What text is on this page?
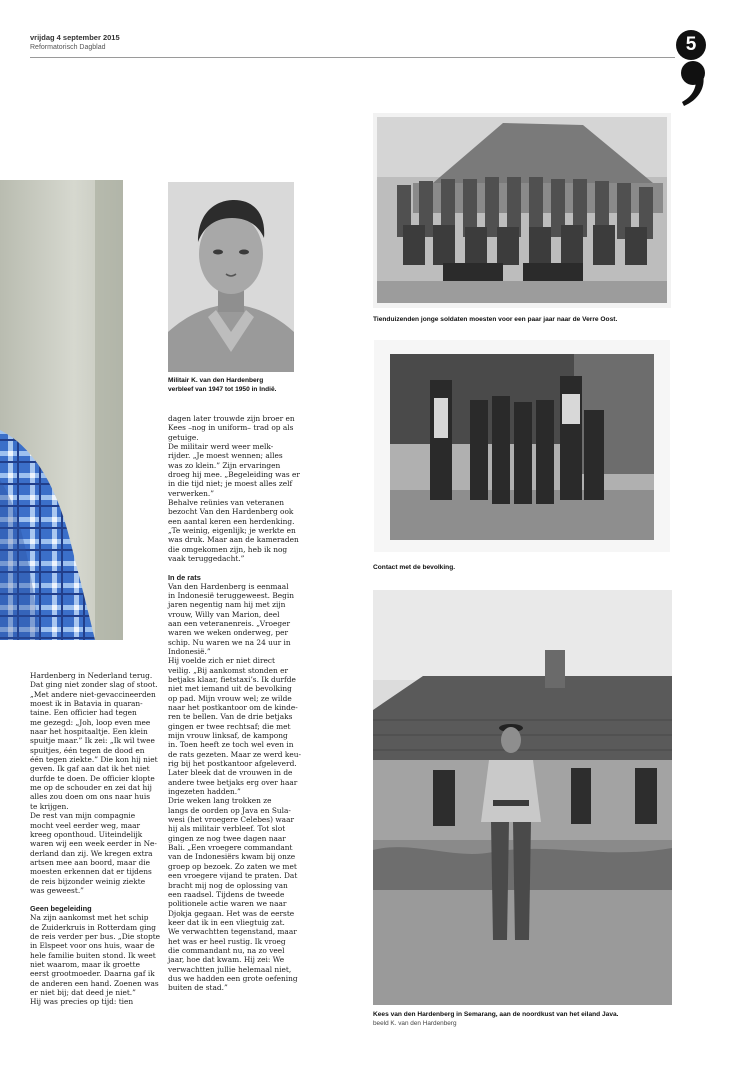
vrijdag 4 september 2015
Reformatorisch Dagblad	5
Militair K. van den Hardenberg
verbleef van 1947 tot 1950 in Indië.
Tienduizenden jonge soldaten moesten voor een paar jaar naar de Verre Oost.
Contact met de bevolking.
Kees van den Hardenberg in Semarang, aan de noordkust van het eiland Java.
beeld K. van den Hardenberg

Hardenberg in Nederland terug.

Dat ging niet zonder slag of stoot.

„Met andere niet-gevaccineerden

moest ik in Batavia in quaran-

taine. Een officier had tegen

me gezegd: „Joh, loop even mee

naar het hospitaaltje. Een klein

spuitje maar.” Ik zei: „Ik wil twee

spuitjes, één tegen de dood en

één tegen ziekte.” Die kon hij niet

geven. Ik gaf aan dat ik het niet

durfde te doen. De officier klopte

me op de schouder en zei dat hij

alles zou doen om ons naar huis

te krijgen.

De rest van mijn compagnie

mocht veel eerder weg, maar

kreeg oponthoud. Uiteindelijk

waren wij een week eerder in Ne-

derland dan zij. We kregen extra

artsen mee aan boord, maar die

moesten erkennen dat er tijdens

de reis bijzonder weinig ziekte

was geweest.”

Geen begeleiding

Na zijn aankomst met het schip

de Zuiderkruis in Rotterdam ging

de reis verder per bus. „Die stopte

in Elspeet voor ons huis, waar de

hele familie buiten stond. Ik weet

niet waarom, maar ik groette

eerst grootmoeder. Daarna gaf ik

de anderen een hand. Zoenen was

er niet bij; dat deed je niet.”

Hij was precies op tijd: tien

dagen later trouwde zijn broer en

Kees –nog in uniform– trad op als

getuige.

De militair werd weer melk-

rijder. „Je moest wennen; alles

was zo klein.” Zijn ervaringen

droeg hij mee. „Begeleiding was er

in die tijd niet; je moest alles zelf

verwerken.”

Behalve reünies van veteranen

bezocht Van den Hardenberg ook

een aantal keren een herdenking.

„Te weinig, eigenlijk; je werkte en

was druk. Maar aan de kameraden

die omgekomen zijn, heb ik nog

vaak teruggedacht.”

In de rats

Van den Hardenberg is eenmaal

in Indonesië teruggeweest. Begin

jaren negentig nam hij met zijn

vrouw, Willy van Marion, deel

aan een veteranenreis. „Vroeger

waren we weken onderweg, per

schip. Nu waren we na 24 uur in

Indonesië.”

Hij voelde zich er niet direct

veilig. „Bij aankomst stonden er

betjaks klaar, fietstaxi’s. Ik durfde

niet met iemand uit de bevolking

op pad. Mijn vrouw wel; ze wilde

naar het postkantoor om de kinde-

ren te bellen. Van de drie betjaks

gingen er twee rechtsaf; die met

mijn vrouw linksaf, de kampong

in. Toen heeft ze toch wel even in

de rats gezeten. Maar ze werd keu-

rig bij het postkantoor afgeleverd.

Later bleek dat de vrouwen in de

andere twee betjaks erg over haar

ingezeten hadden.”

Drie weken lang trokken ze

langs de oorden op Java en Sula-

wesi (het vroegere Celebes) waar

hij als militair verbleef. Tot slot

gingen ze nog twee dagen naar

Bali. „Een vroegere commandant

van de Indonesiërs kwam bij onze

groep op bezoek. Zo zaten we met

een vroegere vijand te praten. Dat

bracht mij nog de oplossing van

een raadsel. Tijdens de tweede

politionele actie waren we naar

Djokja gegaan. Het was de eerste

keer dat ik in een vliegtuig zat.

We verwachtten tegenstand, maar

het was er heel rustig. Ik vroeg

die commandant nu, na zo veel

jaar, hoe dat kwam. Hij zei: We

verwachtten jullie helemaal niet,

dus we hadden een grote oefening

buiten de stad.”
